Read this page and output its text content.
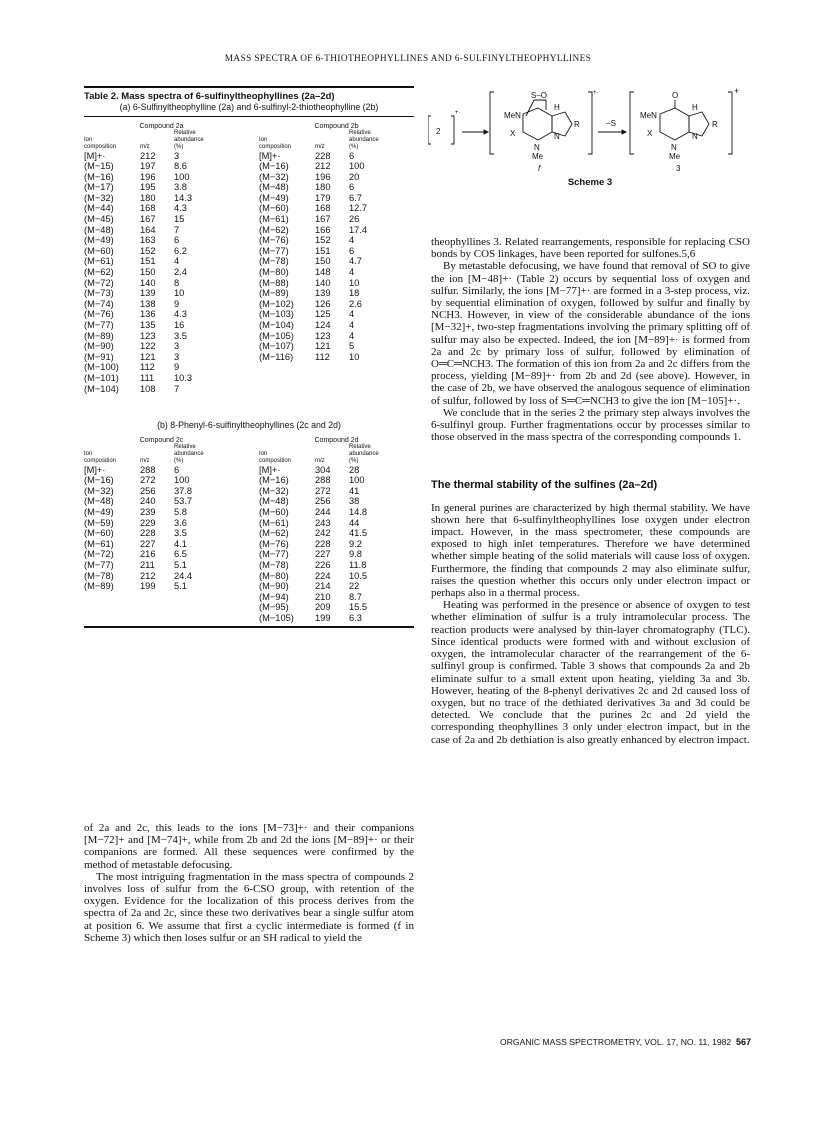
MASS SPECTRA OF 6-THIOTHEOPHYLLINES AND 6-SULFINYLTHEOPHYLLINES
Table 2. Mass spectra of 6-sulfinyltheophyllines (2a–2d)
(a) 6-Sulfinyltheophylline (2a) and 6-sulfinyl-2-thiotheophylline (2b)
Compound 2a
Ion
composition	m/z	Relative
abundance
(%)
[M]+·	212	3
(M−15)	197	8.6
(M−16)	196	100
(M−17)	195	3.8
(M−32)	180	14.3
(M−44)	168	4.3
(M−45)	167	15
(M−48)	164	7
(M−49)	163	6
(M−60)	152	6.2
(M−61)	151	4
(M−62)	150	2.4
(M−72)	140	8
(M−73)	139	10
(M−74)	138	9
(M−76)	136	4.3
(M−77)	135	16
(M−89)	123	3.5
(M−90)	122	3
(M−91)	121	3
(M−100)	112	9
(M−101)	111	10.3
(M−104)	108	7
Compound 2b
Ion
composition	m/z	Relative
abundance
(%)
[M]+·	228	6
(M−16)	212	100
(M−32)	196	20
(M−48)	180	6
(M−49)	179	6.7
(M−60)	168	12.7
(M−61)	167	26
(M−62)	166	17.4
(M−76)	152	4
(M−77)	151	6
(M−78)	150	4.7
(M−80)	148	4
(M−88)	140	10
(M−89)	139	18
(M−102)	126	2.6
(M−103)	125	4
(M−104)	124	4
(M−105)	123	4
(M−107)	121	5
(M−116)	112	10
(b) 8-Phenyl-6-sulfinyltheophyllines (2c and 2d)
Compound 2c
Ion
composition	m/z	Relative
abundance
(%)
[M]+·	288	6
(M−16)	272	100
(M−32)	256	37.8
(M−48)	240	53.7
(M−49)	239	5.8
(M−59)	229	3.6
(M−60)	228	3.5
(M−61)	227	4.1
(M−72)	216	6.5
(M−77)	211	5.1
(M−78)	212	24.4
(M−89)	199	5.1
Compound 2d
Ion
composition	m/z	Relative
abundance
(%)
[M]+·	304	28
(M−16)	288	100
(M−32)	272	41
(M−48)	256	38
(M−60)	244	14.8
(M−61)	243	44
(M−62)	242	41.5
(M−76)	228	9.2
(M−77)	227	9.8
(M−78)	226	11.8
(M−80)	224	10.5
(M−90)	214	22
(M−94)	210	8.7
(M−95)	209	15.5
(M−105)	199	6.3
2
+·
+·
S–O
MeN
X
N
Me
H
R
N
f
−S
+
O
MeN
X
N
Me
H
R
N
3
Scheme 3

of 2a and 2c, this leads to the ions [M−73]+· and their companions [M−72]+ and [M−74]+, while from 2b and 2d the ions [M−89]+· or their companions are formed. All these sequences were confirmed by the method of metastable defocusing.

The most intriguing fragmentation in the mass spectra of compounds 2 involves loss of sulfur from the 6-CSO group, with retention of the oxygen. Evidence for the localization of this process derives from the spectra of 2a and 2c, since these two derivatives bear a single sulfur atom at position 6. We assume that first a cyclic intermediate is formed (f in Scheme 3) which then loses sulfur or an SH radical to yield the

theophyllines 3. Related rearrangements, responsible for replacing CSO bonds by COS linkages, have been reported for sulfones.5,6

By metastable defocusing, we have found that removal of SO to give the ion [M−48]+· (Table 2) occurs by sequential loss of oxygen and sulfur. Similarly, the ions [M−77]+· are formed in a 3-step process, viz. by sequential elimination of oxygen, followed by sulfur and finally by NCH3. However, in view of the considerable abundance of the ions [M−32]+, two-step fragmentations involving the primary splitting off of sulfur may also be expected. Indeed, the ion [M−89]+· is formed from 2a and 2c by primary loss of sulfur, followed by elimination of O═C═NCH3. The formation of this ion from 2a and 2c differs from the process, yielding [M−89]+· from 2b and 2d (see above). However, in the case of 2b, we have observed the analogous sequence of elimination of sulfur, followed by loss of S═C═NCH3 to give the ion [M−105]+·.

We conclude that in the series 2 the primary step always involves the 6-sulfinyl group. Further fragmentations occur by processes similar to those observed in the mass spectra of the corresponding compounds 1.

The thermal stability of the sulfines (2a–2d)

In general purines are characterized by high thermal stability. We have shown here that 6-sulfinyltheophyllines lose oxygen under electron impact. However, in the mass spectrometer, these compounds are exposed to high inlet temperatures. Therefore we have determined whether simple heating of the solid materials will cause loss of oxygen. Furthermore, the finding that compounds 2 may also eliminate sulfur, raises the question whether this occurs only under electron impact or perhaps also in a thermal process.

Heating was performed in the presence or absence of oxygen to test whether elimination of sulfur is a truly intramolecular process. The reaction products were analysed by thin-layer chromatography (TLC). Since identical products were formed with and without exclusion of oxygen, the intramolecular character of the rearrangement of the 6-sulfinyl group is confirmed. Table 3 shows that compounds 2a and 2b eliminate sulfur to a small extent upon heating, yielding 3a and 3b. However, heating of the 8-phenyl derivatives 2c and 2d caused loss of oxygen, but no trace of the dethiated derivatives 3a and 3d could be detected. We conclude that the purines 2c and 2d yield the corresponding theophyllines 3 only under electron impact, but in the case of 2a and 2b dethiation is also greatly enhanced by electron impact.

ORGANIC MASS SPECTROMETRY, VOL. 17, NO. 11, 1982 567
